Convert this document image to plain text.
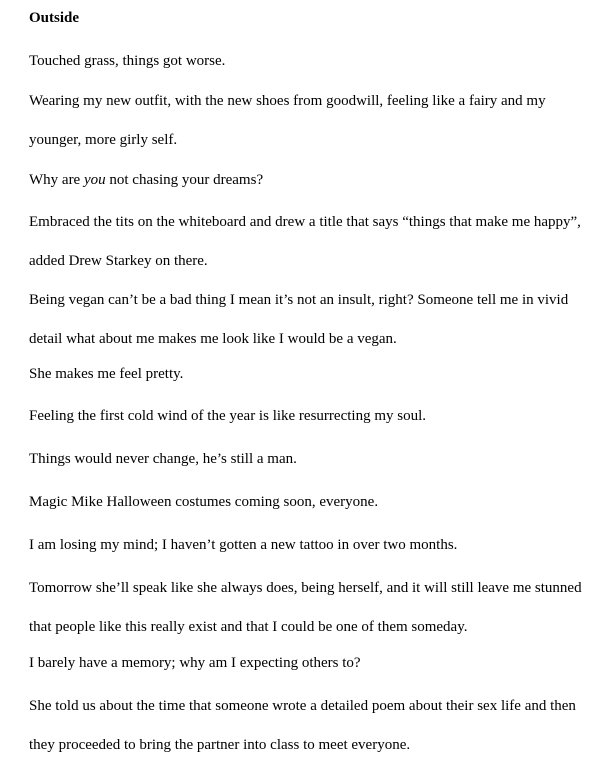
Outside

Touched grass, things got worse.

Wearing my new outfit, with the new shoes from goodwill, feeling like a fairy and my younger, more girly self.

Why are you not chasing your dreams?

Embraced the tits on the whiteboard and drew a title that says “things that make me happy”, added Drew Starkey on there.

Being vegan can’t be a bad thing I mean it’s not an insult, right? Someone tell me in vivid detail what about me makes me look like I would be a vegan.

She makes me feel pretty.

Feeling the first cold wind of the year is like resurrecting my soul.

Things would never change, he’s still a man.

Magic Mike Halloween costumes coming soon, everyone.

I am losing my mind; I haven’t gotten a new tattoo in over two months.

Tomorrow she’ll speak like she always does, being herself, and it will still leave me stunned that people like this really exist and that I could be one of them someday.

I barely have a memory; why am I expecting others to?

She told us about the time that someone wrote a detailed poem about their sex life and then they proceeded to bring the partner into class to meet everyone.
